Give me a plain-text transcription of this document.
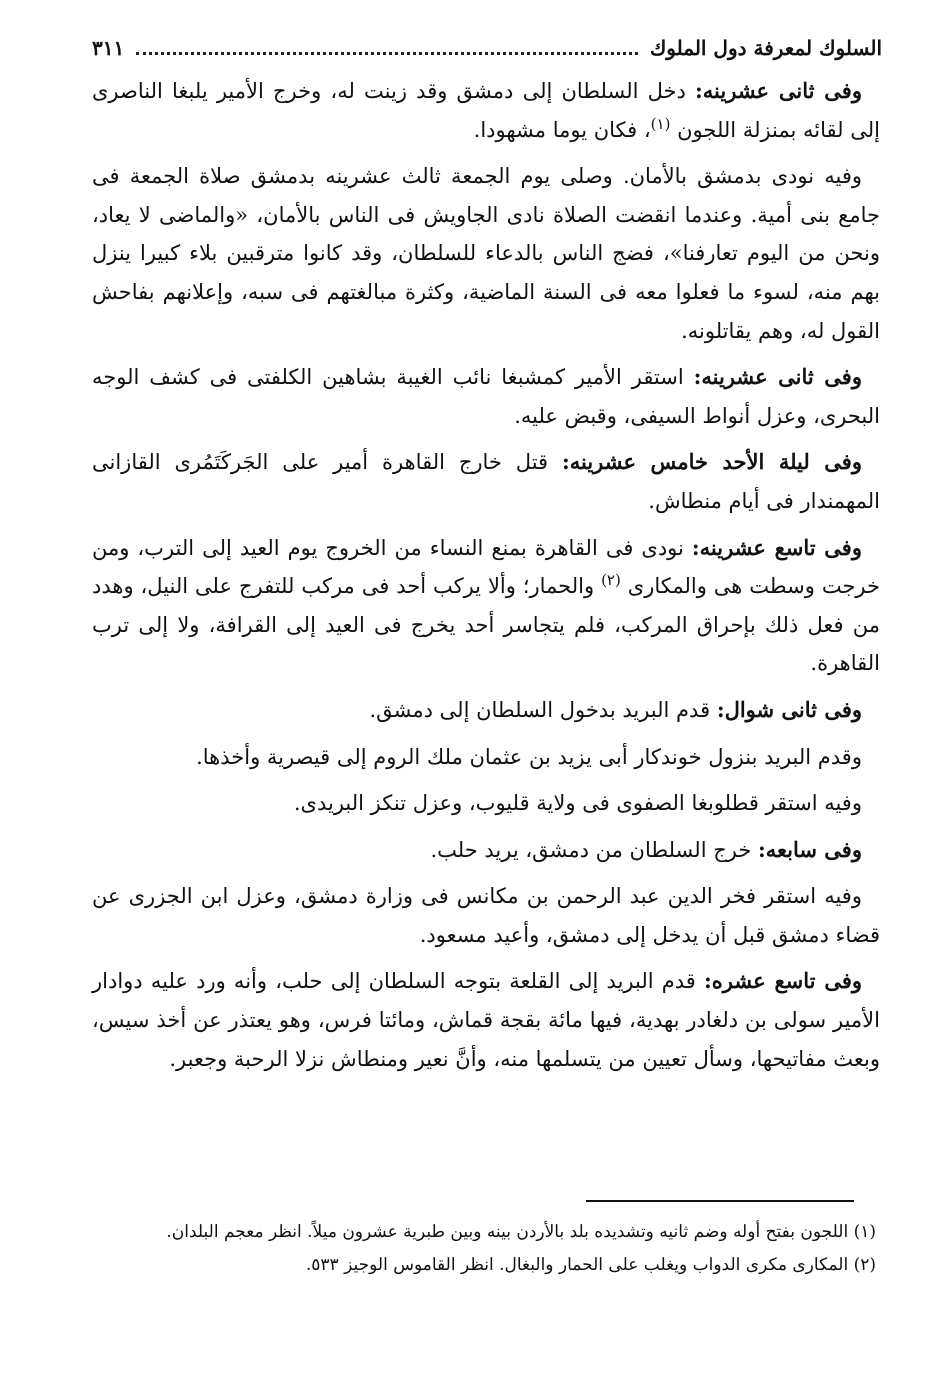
السلوك لمعرفة دول الملوك
٣١١

وفى ثانى عشرينه: دخل السلطان إلى دمشق وقد زينت له، وخرج الأمير يلبغا الناصرى إلى لقائه بمنزلة اللجون $^{(١)}$، فكان يوما مشهودا.

وفيه نودى بدمشق بالأمان. وصلى يوم الجمعة ثالث عشرينه بدمشق صلاة الجمعة فى جامع بنى أمية. وعندما انقضت الصلاة نادى الجاويش فى الناس بالأمان، «والماضى لا يعاد، ونحن من اليوم تعارفنا»، فضج الناس بالدعاء للسلطان، وقد كانوا مترقبين بلاء كبيرا ينزل بهم منه، لسوء ما فعلوا معه فى السنة الماضية، وكثرة مبالغتهم فى سبه، وإعلانهم بفاحش القول له، وهم يقاتلونه.

وفى ثانى عشرينه: استقر الأمير كمشبغا نائب الغيبة بشاهين الكلفتى فى كشف الوجه البحرى، وعزل أنواط السيفى، وقبض عليه.

وفى ليلة الأحد خامس عشرينه: قتل خارج القاهرة أمير على الجَركَتَمُرى القازانى المهمندار فى أيام منطاش.

وفى تاسع عشرينه: نودى فى القاهرة بمنع النساء من الخروج يوم العيد إلى الترب، ومن خرجت وسطت هى والمكارى $^{(٢)}$ والحمار؛ وألا يركب أحد فى مركب للتفرج على النيل، وهدد من فعل ذلك بإحراق المركب، فلم يتجاسر أحد يخرج فى العيد إلى القرافة، ولا إلى ترب القاهرة.

وفى ثانى شوال: قدم البريد بدخول السلطان إلى دمشق.

وقدم البريد بنزول خوندكار أبى يزيد بن عثمان ملك الروم إلى قيصرية وأخذها.

وفيه استقر قطلوبغا الصفوى فى ولاية قليوب، وعزل تنكز البريدى.

وفى سابعه: خرج السلطان من دمشق، يريد حلب.

وفيه استقر فخر الدين عبد الرحمن بن مكانس فى وزارة دمشق، وعزل ابن الجزرى عن قضاء دمشق قبل أن يدخل إلى دمشق، وأعيد مسعود.

وفى تاسع عشره: قدم البريد إلى القلعة بتوجه السلطان إلى حلب، وأنه ورد عليه دوادار الأمير سولى بن دلغادر بهدية، فيها مائة بقجة قماش، ومائتا فرس، وهو يعتذر عن أخذ سيس، وبعث مفاتيحها، وسأل تعيين من يتسلمها منه، وأنَّ نعير ومنطاش نزلا الرحبة وجعبر.

(١) اللجون بفتح أوله وضم ثانيه وتشديده بلد بالأردن بينه وبين طبرية عشرون ميلاً. انظر معجم البلدان.

(٢) المكارى مكرى الدواب ويغلب على الحمار والبغال. انظر القاموس الوجيز ٥٣٣.
